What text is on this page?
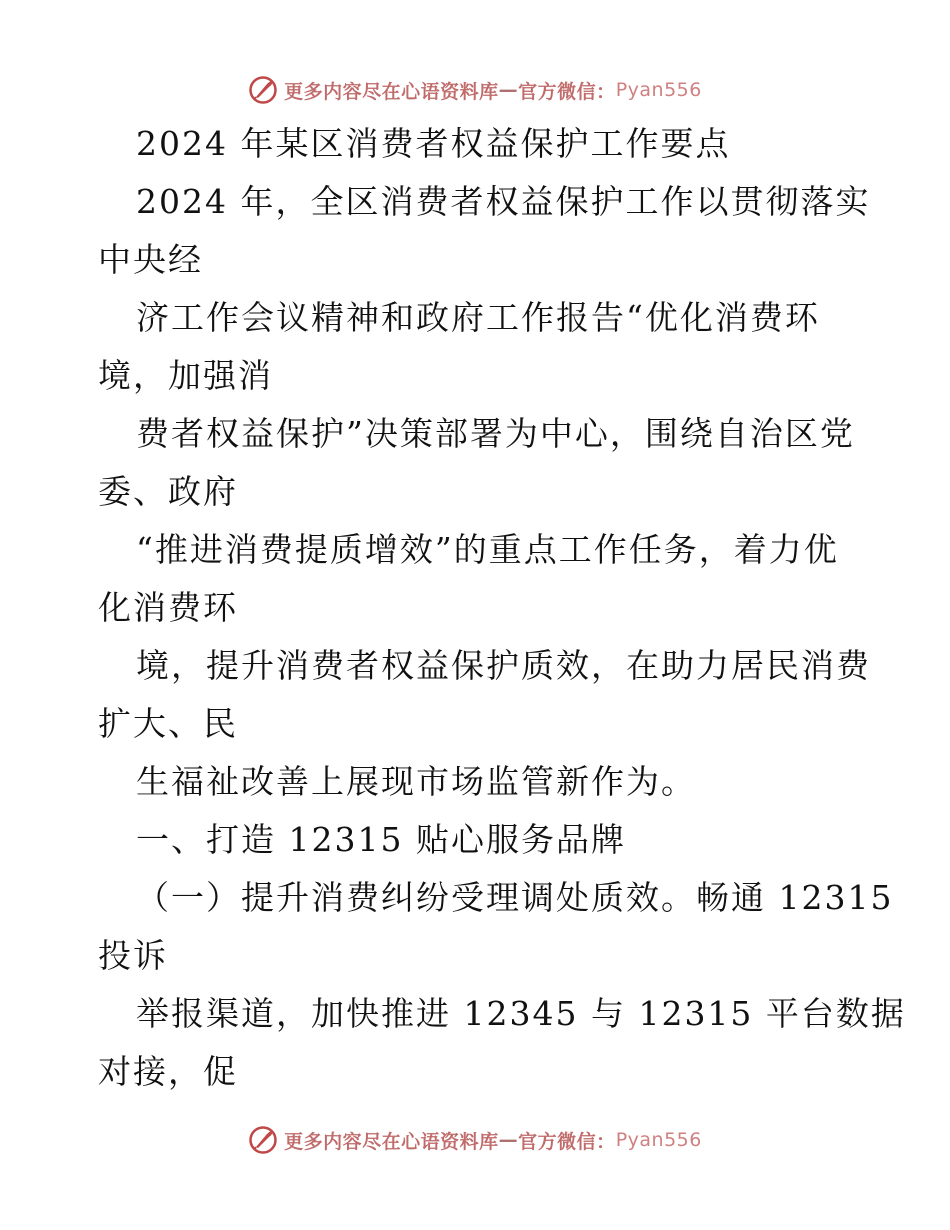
更多内容尽在心语资料库 — 官方微信： Pyan556
2024 年某区消费者权益保护工作要点
2024 年，全区消费者权益保护工作以贯彻落实
中央经
济工作会议精神和政府工作报告“优化消费环
境，加强消
费者权益保护”决策部署为中心，围绕自治区党
委、政府
“推进消费提质增效”的重点工作任务，着力优
化消费环
境，提升消费者权益保护质效，在助力居民消费
扩大、民
生福祉改善上展现市场监管新作为。
一、打造 12315 贴心服务品牌
（一）提升消费纠纷受理调处质效。畅通 12315
投诉
举报渠道，加快推进 12345 与 12315 平台数据
对接，促
更多内容尽在心语资料库 — 官方微信： Pyan556
